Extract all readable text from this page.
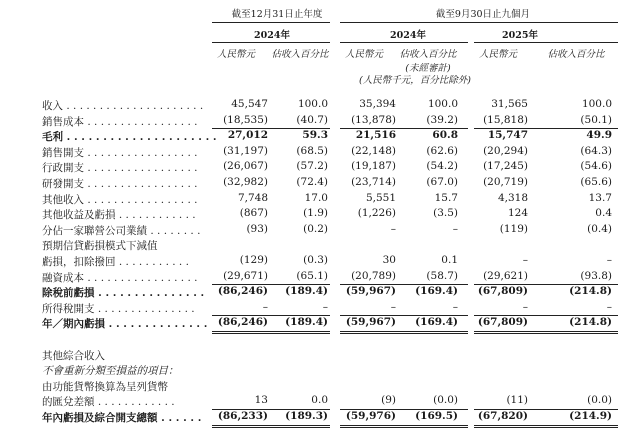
截至12月31日止年度	截至9月30日止九個月
2024年	2024年	2025年
人民幣元	佔收入百分比	人民幣元	佔收入百分比	人民幣元	佔收入百分比
(未經審計)
(人民幣千元，百分比除外)
收入 . . . . . . . . . . . . . . . . . . . . .	45,547	100.0	35,394	100.0	31,565	100.0
銷售成本 . . . . . . . . . . . . . . . . .	(18,535)	(40.7)	(13,878)	(39.2)	(15,818)	(50.1)
毛利 . . . . . . . . . . . . . . . . . . . . .	27,012	59.3	21,516	60.8	15,747	49.9
銷售開支 . . . . . . . . . . . . . . . . .	(31,197)	(68.5)	(22,148)	(62.6)	(20,294)	(64.3)
行政開支 . . . . . . . . . . . . . . . . .	(26,067)	(57.2)	(19,187)	(54.2)	(17,245)	(54.6)
研發開支 . . . . . . . . . . . . . . . . .	(32,982)	(72.4)	(23,714)	(67.0)	(20,719)	(65.6)
其他收入 . . . . . . . . . . . . . . . . .	7,748	17.0	5,551	15.7	4,318	13.7
其他收益及虧損 . . . . . . . . . . . .	(867)	(1.9)	(1,226)	(3.5)	124	0.4
分佔一家聯營公司業績 . . . . . . . .	(93)	(0.2)	–	–	(119)	(0.4)
預期信貸虧損模式下減值
虧損，扣除撥回 . . . . . . . . . . .	(129)	(0.3)	30	0.1	–	–
融資成本 . . . . . . . . . . . . . . . . .	(29,671)	(65.1)	(20,789)	(58.7)	(29,621)	(93.8)
除稅前虧損 . . . . . . . . . . . . . . .	(86,246)	(189.4)	(59,967)	(169.4)	(67,809)	(214.8)
所得稅開支 . . . . . . . . . . . . . . .	–	–	–	–	–	–
年／期內虧損 . . . . . . . . . . . . . .	(86,246)	(189.4)	(59,967)	(169.4)	(67,809)	(214.8)
其他綜合收入
不會重新分類至損益的項目：
由功能貨幣換算為呈列貨幣
的匯兌差額 . . . . . . . . . . . .	13	0.0	(9)	(0.0)	(11)	(0.0)
年內虧損及綜合開支總額 . . . . . .	(86,233)	(189.3)	(59,976)	(169.5)	(67,820)	(214.9)
